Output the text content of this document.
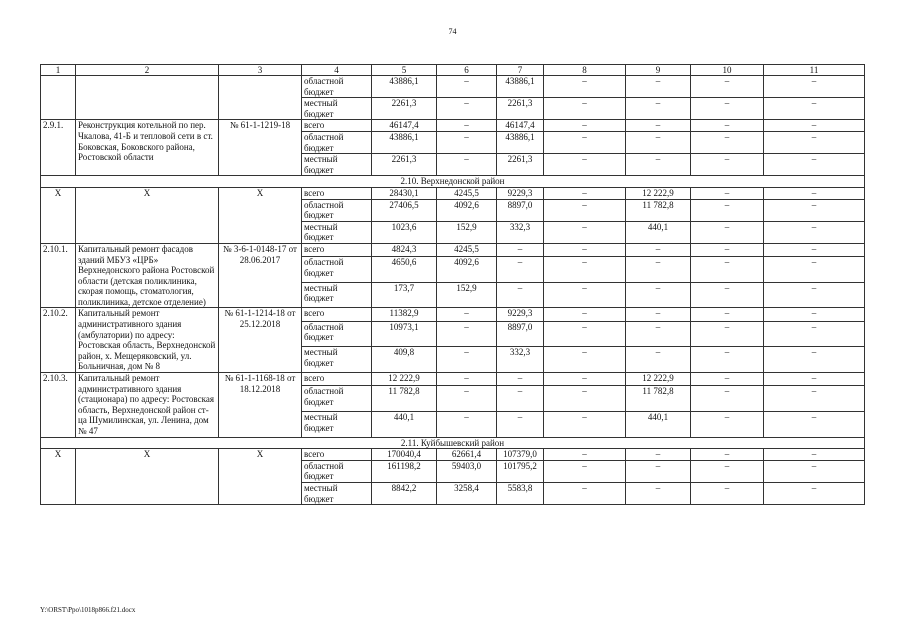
74
1	2	3	4	5	6	7	8	9	10	11
			областной бюджет	43886,1	–	43886,1	–	–	–	–
			местный бюджет	2261,3	–	2261,3	–	–	–	–
2.9.1.	Реконструкция котельной по пер. Чкалова, 41-Б и тепловой сети в ст. Боковская, Боковского района, Ростовской области	№ 61-1-1219-18	всего	46147,4	–	46147,4	–	–	–	–
			областной бюджет	43886,1	–	43886,1	–	–	–	–
			местный бюджет	2261,3	–	2261,3	–	–	–	–
2.10. Верхнедонской район										
Х	Х	Х	всего	28430,1	4245,5	9229,3	–	12 222,9	–	–
			областной бюджет	27406,5	4092,6	8897,0	–	11 782,8	–	–
			местный бюджет	1023,6	152,9	332,3	–	440,1	–	–
2.10.1.	Капитальный ремонт фасадов зданий МБУЗ «ЦРБ» Верхнедонского района Ростовской области (детская поликлиника, скорая помощь, стоматология, поликлиника, детское отделение)	№ 3-6-1-0148-17 от 28.06.2017	всего	4824,3	4245,5	–	–	–	–	–
			областной бюджет	4650,6	4092,6	–	–	–	–	–
			местный бюджет	173,7	152,9	–	–	–	–	–
2.10.2.	Капитальный ремонт административного здания (амбулатории) по адресу: Ростовская область, Верхнедонской район, х. Мещеряковский, ул. Больничная, дом № 8	№ 61-1-1214-18 от 25.12.2018	всего	11382,9	–	9229,3	–	–	–	–
			областной бюджет	10973,1	–	8897,0	–	–	–	–
			местный бюджет	409,8	–	332,3	–	–	–	–
2.10.3.	Капитальный ремонт административного здания (стационара) по адресу: Ростовская область, Верхнедонской район ст-ца Шумилинская, ул. Ленина, дом № 47	№ 61-1-1168-18 от 18.12.2018	всего	12 222,9	–	–	–	12 222,9	–	–
			областной бюджет	11 782,8	–	–	–	11 782,8	–	–
			местный бюджет	440,1	–	–	–	440,1	–	–
2.11. Куйбышевский район										
Х	Х	Х	всего	170040,4	62661,4	107379,0	–	–	–	–
			областной бюджет	161198,2	59403,0	101795,2	–	–	–	–
			местный бюджет	8842,2	3258,4	5583,8	–	–	–	–
Y:\ORST\Ppo\1018p866.f21.docx
